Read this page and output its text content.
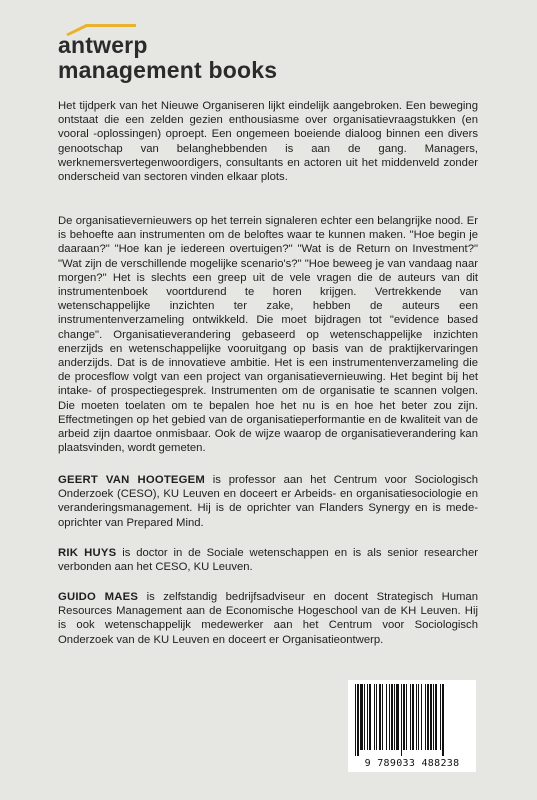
antwerp
management books
Het tijdperk van het Nieuwe Organiseren lijkt eindelijk aangebroken. Een beweging ontstaat die een zelden gezien enthousiasme over organisatievraagstukken (en vooral -oplossingen) oproept. Een ongemeen boeiende dialoog binnen een divers genootschap van belanghebbenden is aan de gang. Managers, werknemersvertegenwoordigers, consultants en actoren uit het middenveld zonder onderscheid van sectoren vinden elkaar plots.
De organisatievernieuwers op het terrein signaleren echter een belangrijke nood. Er is behoefte aan instrumenten om de beloftes waar te kunnen maken. "Hoe begin je daaraan?" "Hoe kan je iedereen overtuigen?" "Wat is de Return on Investment?" "Wat zijn de verschillende mogelijke scenario's?" "Hoe beweeg je van vandaag naar morgen?" Het is slechts een greep uit de vele vragen die de auteurs van dit instrumentenboek voortdurend te horen krijgen. Vertrekkende van wetenschappelijke inzichten ter zake, hebben de auteurs een instrumentenverzameling ontwikkeld. Die moet bijdragen tot "evidence based change". Organisatieverandering gebaseerd op wetenschappelijke inzichten enerzijds en wetenschappelijke vooruitgang op basis van de praktijkervaringen anderzijds. Dat is de innovatieve ambitie. Het is een instrumentenverzameling die de procesflow volgt van een project van organisatievernieuwing. Het begint bij het intake- of prospectiegesprek. Instrumenten om de organisatie te scannen volgen. Die moeten toelaten om te bepalen hoe het nu is en hoe het beter zou zijn. Effectmetingen op het gebied van de organisatieperformantie en de kwaliteit van de arbeid zijn daartoe onmisbaar. Ook de wijze waarop de organisatieverandering kan plaatsvinden, wordt gemeten.
GEERT VAN HOOTEGEM is professor aan het Centrum voor Sociologisch Onderzoek (CESO), KU Leuven en doceert er Arbeids- en organisatiesociologie en veranderingsmanagement. Hij is de oprichter van Flanders Synergy en is mede-oprichter van Prepared Mind.
RIK HUYS is doctor in de Sociale wetenschappen en is als senior researcher verbonden aan het CESO, KU Leuven.
GUIDO MAES is zelfstandig bedrijfsadviseur en docent Strategisch Human Resources Management aan de Economische Hogeschool van de KH Leuven. Hij is ook wetenschappelijk medewerker aan het Centrum voor Sociologisch Onderzoek van de KU Leuven en doceert er Organisatieontwerp.
9 789033 488238
